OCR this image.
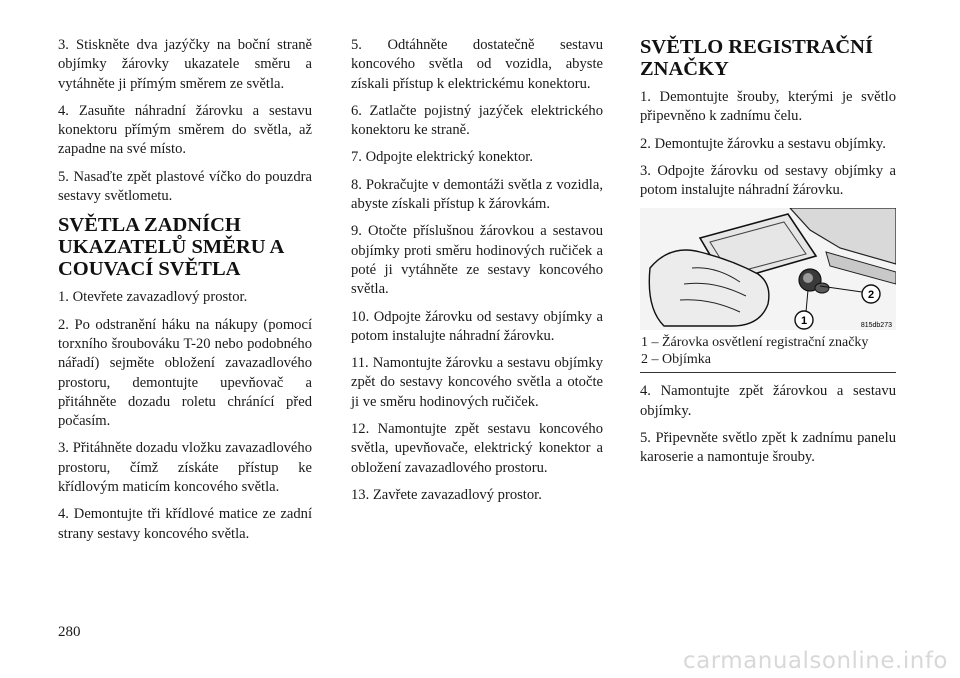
3. Stiskněte dva jazýčky na boční straně objímky žárovky ukazatele směru a vytáhněte ji přímým směrem ze světla.

4. Zasuňte náhradní žárovku a sestavu konektoru přímým směrem do světla, až zapadne na své místo.

5. Nasaďte zpět plastové víčko do pouzdra sestavy světlometu.

SVĚTLA ZADNÍCH UKAZATELŮ SMĚRU A COUVACÍ SVĚTLA

1. Otevřete zavazadlový prostor.

2. Po odstranění háku na nákupy (pomocí torxního šroubováku T-20 nebo podobného nářadí) sejměte obložení zavazadlového prostoru, demontujte upevňovač a přitáhněte dozadu roletu chránící před počasím.

3. Přitáhněte dozadu vložku zavazadlového prostoru, čímž získáte přístup ke křídlovým maticím koncového světla.

4. Demontujte tři křídlové matice ze zadní strany sestavy koncového světla.

5. Odtáhněte dostatečně sestavu koncového světla od vozidla, abyste získali přístup k elektrickému konektoru.

6. Zatlačte pojistný jazýček elektrického konektoru ke straně.

7. Odpojte elektrický konektor.

8. Pokračujte v demontáži světla z vozidla, abyste získali přístup k žárovkám.

9. Otočte příslušnou žárovkou a sestavou objímky proti směru hodinových ručiček a poté ji vytáhněte ze sestavy koncového světla.

10. Odpojte žárovku od sestavy objímky a potom instalujte náhradní žárovku.

11. Namontujte žárovku a sestavu objímky zpět do sestavy koncového světla a otočte ji ve směru hodinových ručiček.

12. Namontujte zpět sestavu koncového světla, upevňovače, elektrický konektor a obložení zavazadlového prostoru.

13. Zavřete zavazadlový prostor.

SVĚTLO REGISTRAČNÍ ZNAČKY

1. Demontujte šrouby, kterými je světlo připevněno k zadnímu čelu.

2. Demontujte žárovku a sestavu objímky.

3. Odpojte žárovku od sestavy objímky a potom instalujte náhradní žárovku.

2
1	815db273
1 – Žárovka osvětlení registrační značky
2 – Objímka

4. Namontujte zpět žárovkou a sestavu objímky.

5. Připevněte světlo zpět k zadnímu panelu karoserie a namontuje šrouby.

280
carmanualsonline.info
